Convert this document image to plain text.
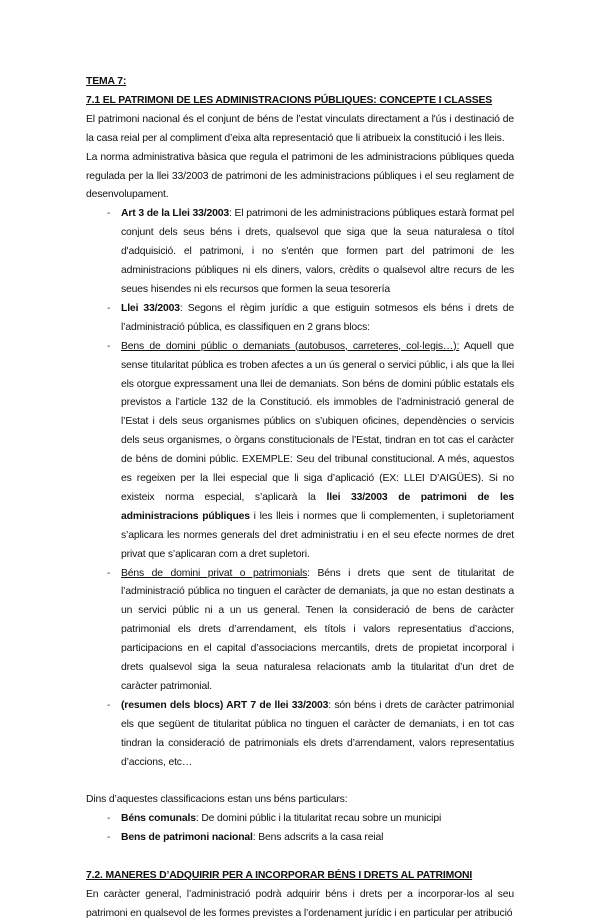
TEMA 7:

7.1 EL PATRIMONI DE LES ADMINISTRACIONS PÚBLIQUES: CONCEPTE I CLASSES

El patrimoni nacional és el conjunt de béns de l’estat vinculats directament a l'ús i destinació de la casa reial per al compliment d’eixa alta representació que li atribueix la constitució i les lleis.

La norma administrativa bàsica que regula el patrimoni de les administracions públiques queda regulada per la llei 33/2003 de patrimoni de les administracions públiques i el seu reglament de desenvolupament.

- Art 3 de la Llei 33/2003: El patrimoni de les administracions públiques estarà format pel conjunt dels seus béns i drets, qualsevol que siga que la seua naturalesa o títol d'adquisició. el patrimoni, i no s'entén que formen part del patrimoni de les administracions públiques ni els diners, valors, crèdits o qualsevol altre recurs de les seues hisendes ni els recursos que formen la seua tesorería
- Llei 33/2003: Segons el règim jurídic a que estiguin sotmesos els béns i drets de l’administració pública, es classifiquen en 2 grans blocs:
- Bens de domini públic o demaniats (autobusos, carreteres, col·legis…): Aquell que sense titularitat pública es troben afectes a un ús general o servici públic, i als que la llei els otorgue expressament una llei de demaniats. Son béns de domini públic estatals els previstos a l’article 132 de la Constitució. els immobles de l’administració general de l’Estat i dels seus organismes públics on s’ubiquen oficines, dependències o servicis dels seus organismes, o òrgans constitucionals de l’Estat, tindran en tot cas el caràcter de béns de domini públic. EXEMPLE: Seu del tribunal constitucional. A més, aquestos es regeixen per la llei especial que li siga d’aplicació (EX: LLEI D’AIGÜES). Si no existeix norma especial, s’aplicarà la llei 33/2003 de patrimoni de les administracions públiques i les lleis i normes que li complementen, i supletoriament s’aplicara les normes generals del dret administratiu i en el seu efecte normes de dret privat que s’aplicaran com a dret supletori.
- Béns de domini privat o patrimonials: Béns i drets que sent de titularitat de l’administració pública no tinguen el caràcter de demaniats, ja que no estan destinats a un servici públic ni a un us general. Tenen la consideració de bens de caràcter patrimonial els drets d’arrendament, els títols i valors representatius d’accions, participacions en el capital d’associacions mercantils, drets de propietat incorporal i drets qualsevol siga la seua naturalesa relacionats amb la titularitat d’un dret de caràcter patrimonial.
- (resumen dels blocs) ART 7 de llei 33/2003: són béns i drets de caràcter patrimonial els que següent de titularitat pública no tinguen el caràcter de demaniats, i en tot cas tindran la consideració de patrimonials els drets d’arrendament, valors representatius d’accions, etc…

Dins d’aquestes classificacions estan uns béns particulars:

- Béns comunals: De domini públic i la titularitat recau sobre un municipi
- Bens de patrimoni nacional: Bens adscrits a la casa reial

7.2. MANERES D’ADQUIRIR PER A INCORPORAR BÉNS I DRETS AL PATRIMONI

En caràcter general, l’administració podrà adquirir béns i drets per a incorporar-los al seu patrimoni en qualsevol de les formes previstes a l’ordenament jurídic i en particular per atribució
